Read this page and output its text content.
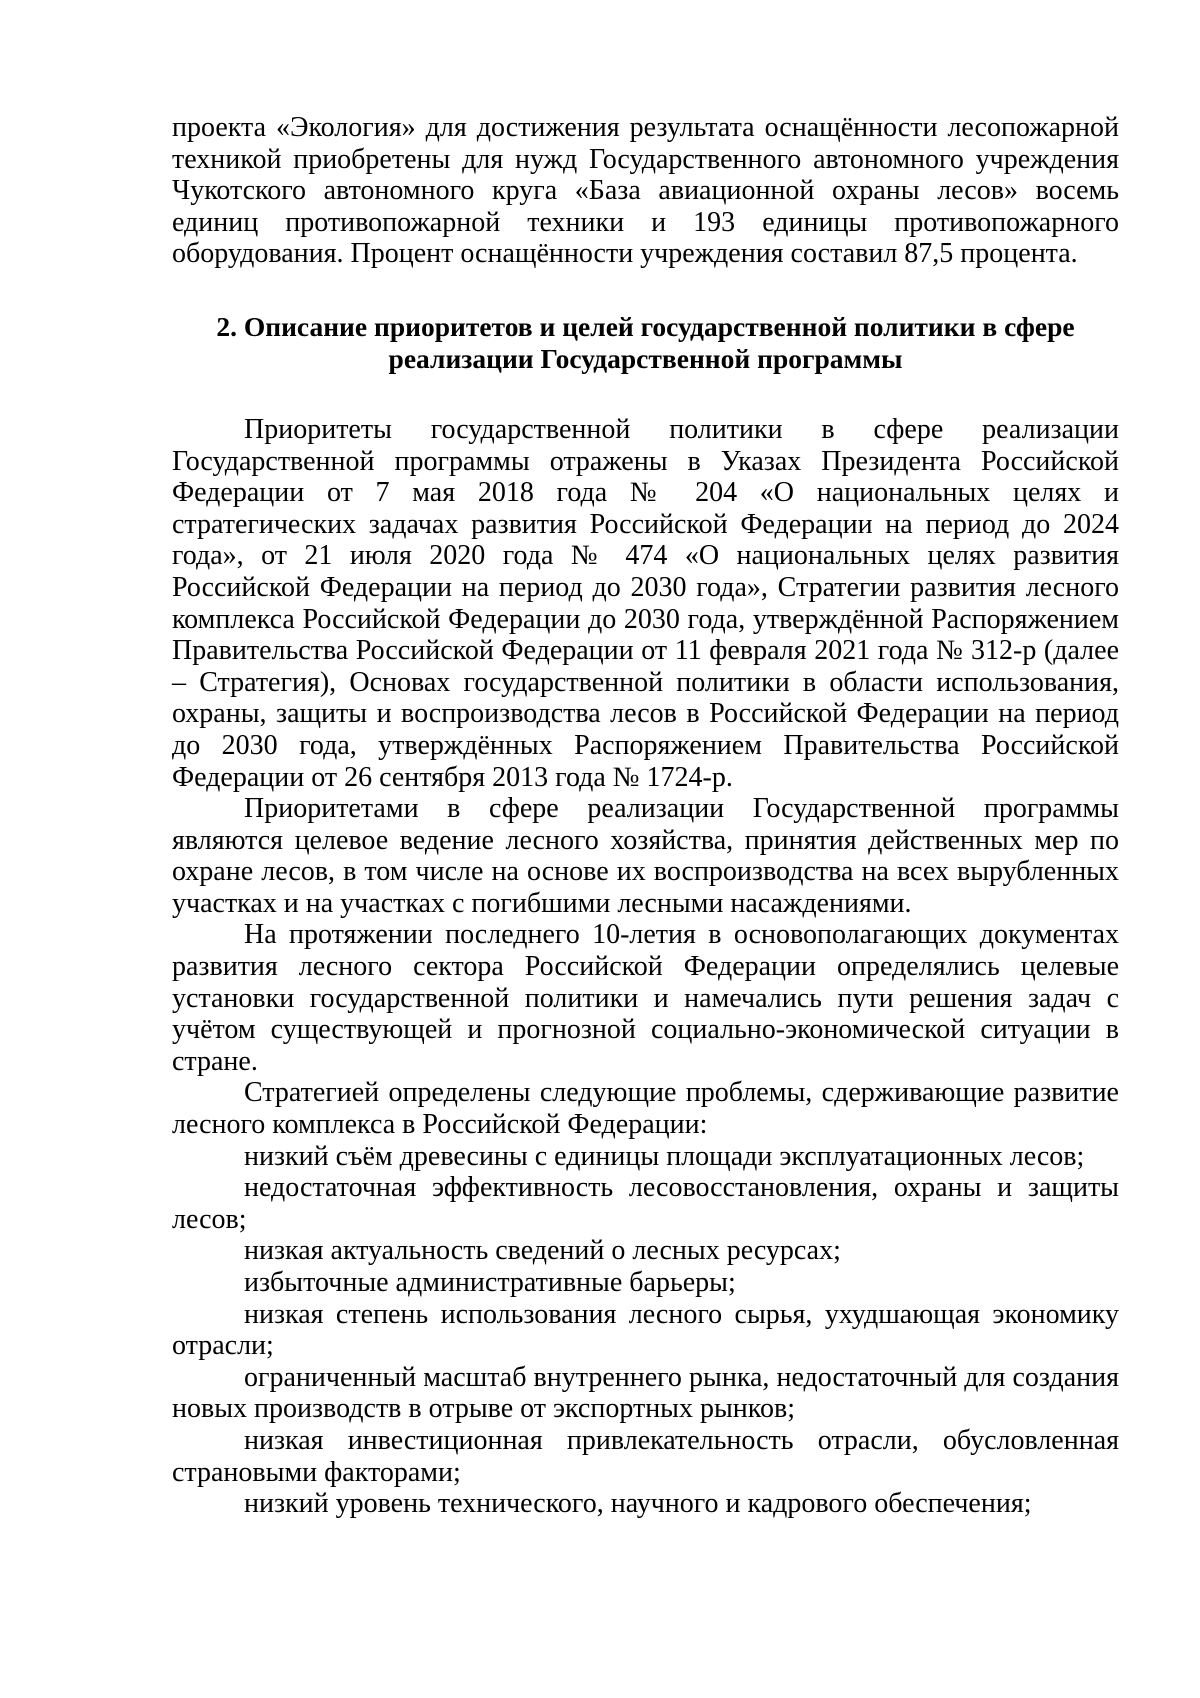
проекта «Экология» для достижения результата оснащённости лесопожарной техникой приобретены для нужд Государственного автономного учреждения Чукотского автономного круга «База авиационной охраны лесов» восемь единиц противопожарной техники и 193 единицы противопожарного оборудования. Процент оснащённости учреждения составил 87,5 процента.

2. Описание приоритетов и целей государственной политики в сфере
реализации Государственной программы

Приоритеты государственной политики в сфере реализации Государственной программы отражены в Указах Президента Российской Федерации от 7 мая 2018 года № 204 «О национальных целях и стратегических задачах развития Российской Федерации на период до 2024 года», от 21 июля 2020 года № 474 «О национальных целях развития Российской Федерации на период до 2030 года», Стратегии развития лесного комплекса Российской Федерации до 2030 года, утверждённой Распоряжением Правительства Российской Федерации от 11 февраля 2021 года № 312-р (далее – Стратегия), Основах государственной политики в области использования, охраны, защиты и воспроизводства лесов в Российской Федерации на период до 2030 года, утверждённых Распоряжением Правительства Российской Федерации от 26 сентября 2013 года № 1724-р.

Приоритетами в сфере реализации Государственной программы являются целевое ведение лесного хозяйства, принятия действенных мер по охране лесов, в том числе на основе их воспроизводства на всех вырубленных участках и на участках с погибшими лесными насаждениями.

На протяжении последнего 10-летия в основополагающих документах развития лесного сектора Российской Федерации определялись целевые установки государственной политики и намечались пути решения задач с учётом существующей и прогнозной социально-экономической ситуации в стране.

Стратегией определены следующие проблемы, сдерживающие развитие лесного комплекса в Российской Федерации:

низкий съём древесины с единицы площади эксплуатационных лесов;

недостаточная эффективность лесовосстановления, охраны и защиты лесов;

низкая актуальность сведений о лесных ресурсах;

избыточные административные барьеры;

низкая степень использования лесного сырья, ухудшающая экономику отрасли;

ограниченный масштаб внутреннего рынка, недостаточный для создания новых производств в отрыве от экспортных рынков;

низкая инвестиционная привлекательность отрасли, обусловленная страновыми факторами;

низкий уровень технического, научного и кадрового обеспечения;
